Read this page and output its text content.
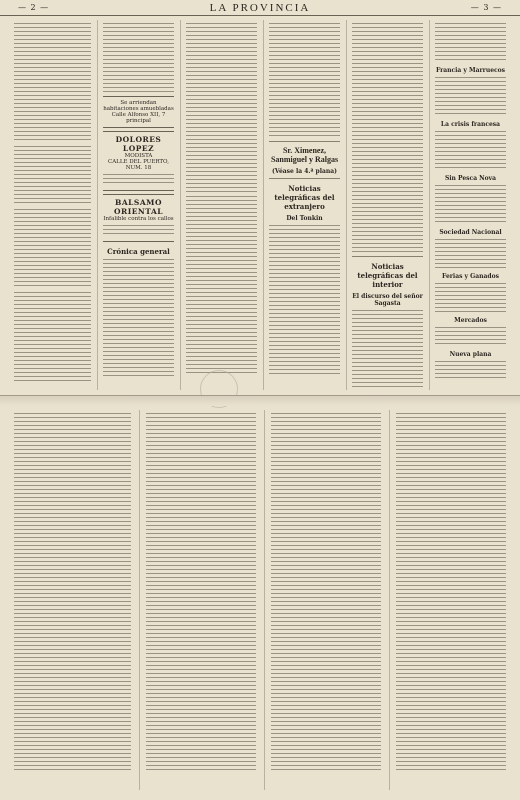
— 2 —	LA PROVINCIA	— 3 —
Se arriendan habitaciones amuebladas
Calle Alfonso XII, 7 principal
DOLORES LOPEZ
MODISTA
CALLE DEL PUERTO, NUM. 18
BALSAMO ORIENTAL
Infalible contra los callos
Crónica general
Sr. Ximenez, Sanmiguel y Ralgas
(Véase la 4.ª plana)
Noticias telegráficas del extranjero
Del Tonkin
Noticias telegráficas del interior
El discurso del señor Sagasta
Francia y Marruecos
La crisis francesa
Sin Pesca Nova
Sociedad Nacional
Ferias y Ganados
Mercados
Nueva plana
